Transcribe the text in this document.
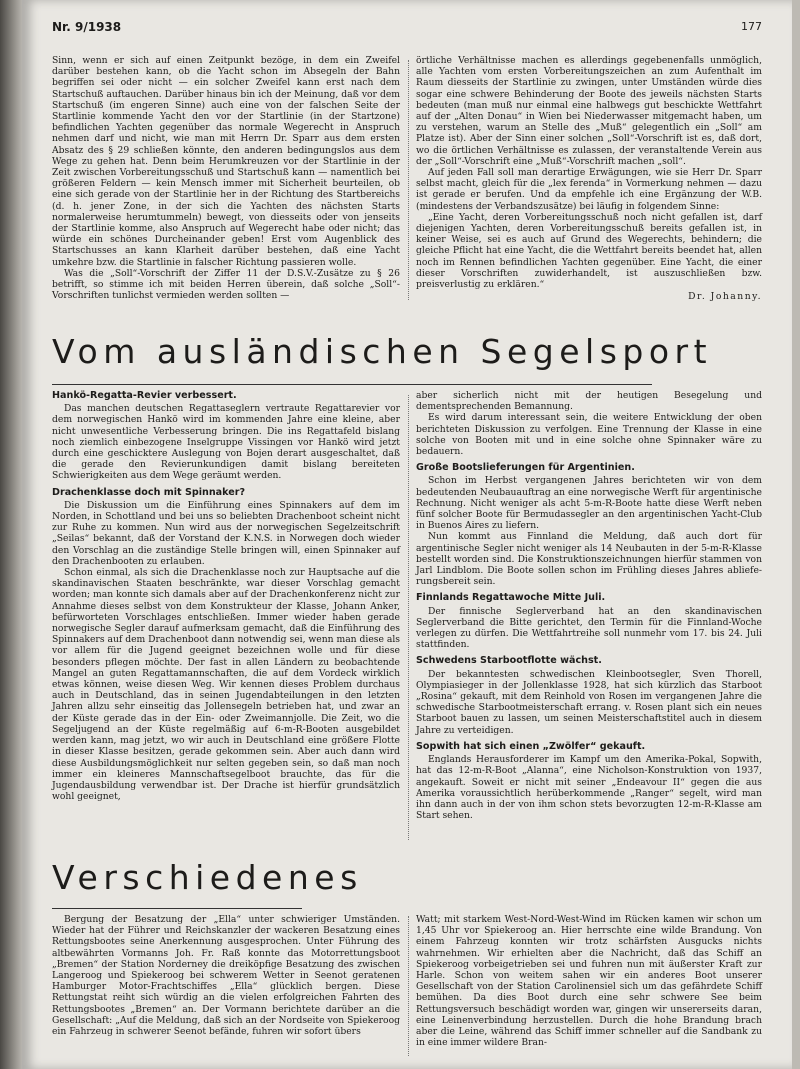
Nr. 9/1938	177

Sinn, wenn er sich auf einen Zeitpunkt bezöge, in dem ein Zweifel darüber bestehen kann, ob die Yacht schon im Absegeln der Bahn begriffen sei oder nicht — ein solcher Zweifel kann erst nach dem Startschuß auftauchen. Darüber hinaus bin ich der Meinung, daß vor dem Startschuß (im engeren Sinne) auch eine von der falschen Seite der Startlinie kommende Yacht den vor der Startlinie (in der Startzone) befindlichen Yachten gegenüber das normale Wegerecht in Anspruch nehmen darf und nicht, wie man mit Herrn Dr. Sparr aus dem ersten Absatz des § 29 schließen könnte, den anderen bedingungslos aus dem Wege zu gehen hat. Denn beim Herumkreuzen vor der Startlinie in der Zeit zwischen Vorbereitungsschuß und Startschuß kann — namentlich bei größeren Feldern — kein Mensch immer mit Sicherheit beurteilen, ob eine sich gerade von der Startlinie her in der Richtung des Startbereichs (d. h. jener Zone, in der sich die Yachten des nächsten Starts normalerweise herumtummeln) bewegt, von diesseits oder von jenseits der Startlinie komme, also Anspruch auf Wegerecht habe oder nicht; das würde ein schönes Durcheinander geben! Erst vom Augenblick des Startschusses an kann Klarheit darüber bestehen, daß eine Yacht umkehre bzw. die Startlinie in falscher Richtung passieren wolle.

Was die „Soll“-Vorschrift der Ziffer 11 der D.S.V.-Zusätze zu § 26 betrifft, so stimme ich mit beiden Herren überein, daß solche „Soll“-Vorschriften tunlichst vermieden werden sollten —

örtliche Verhältnisse machen es allerdings gegebenenfalls unmöglich, alle Yachten vom ersten Vorbereitungszeichen an zum Aufenthalt im Raum diesseits der Startlinie zu zwingen, unter Umständen würde dies sogar eine schwere Behinderung der Boote des jeweils nächsten Starts bedeuten (man muß nur einmal eine halbwegs gut beschickte Wettfahrt auf der „Alten Donau“ in Wien bei Niederwasser mitgemacht haben, um zu verstehen, warum an Stelle des „Muß“ gelegentlich ein „Soll“ am Platze ist). Aber der Sinn einer solchen „Soll“-Vorschrift ist es, daß dort, wo die örtlichen Verhältnisse es zulassen, der veranstaltende Verein aus der „Soll“-Vorschrift eine „Muß“-Vorschrift machen „soll“.

Auf jeden Fall soll man derartige Erwägungen, wie sie Herr Dr. Sparr selbst macht, gleich für die „lex ferenda“ in Vormerkung nehmen — dazu ist gerade er berufen. Und da empfehle ich eine Ergänzung der W.B. (mindestens der Verbandszusätze) bei läufig in folgendem Sinne:

„Eine Yacht, deren Vorbereitungsschuß noch nicht gefallen ist, darf diejenigen Yachten, deren Vorbereitungsschuß bereits gefallen ist, in keiner Weise, sei es auch auf Grund des Wegerechts, behindern; die gleiche Pflicht hat eine Yacht, die die Wettfahrt bereits beendet hat, allen noch im Rennen befindlichen Yachten gegenüber. Eine Yacht, die einer dieser Vorschriften zuwiderhandelt, ist auszuschließen bzw. preisverlustig zu erklären.“

Dr. Johanny.
Vom ausländischen Segelsport
Hankö-Regatta-Revier verbessert.

Das manchen deutschen Regattaseglern vertraute Regattarevier vor dem norwegischen Hankö wird im kommenden Jahre eine kleine, aber nicht unwesentliche Verbesserung bringen. Die ins Regattafeld bislang noch ziemlich einbezogene Inselgruppe Vissingen vor Hankö wird jetzt durch eine geschicktere Auslegung von Bojen derart ausgeschaltet, daß die gerade den Revierunkundigen damit bislang bereiteten Schwierigkeiten aus dem Wege geräumt werden.

Drachenklasse doch mit Spinnaker?

Die Diskussion um die Einführung eines Spinnakers auf dem im Norden, in Schottland und bei uns so beliebten Drachenboot scheint nicht zur Ruhe zu kommen. Nun wird aus der norwegischen Segelzeitschrift „Seilas“ bekannt, daß der Vorstand der K.N.S. in Norwegen doch wieder den Vorschlag an die zuständige Stelle bringen will, einen Spinnaker auf den Drachenbooten zu erlauben.

Schon einmal, als sich die Drachenklasse noch zur Hauptsache auf die skandinavischen Staaten beschränkte, war dieser Vorschlag gemacht worden; man konnte sich damals aber auf der Drachenkonferenz nicht zur Annahme dieses selbst von dem Konstrukteur der Klasse, Johann Anker, befürworteten Vorschlages entschließen. Immer wieder haben gerade norwegische Segler darauf aufmerksam gemacht, daß die Einführung des Spinnakers auf dem Drachenboot dann notwendig sei, wenn man diese als vor allem für die Jugend geeignet bezeichnen wolle und für diese besonders pflegen möchte. Der fast in allen Ländern zu beobachtende Mangel an guten Regattamannschaften, die auf dem Vordeck wirklich etwas können, weise diesen Weg. Wir kennen dieses Problem durchaus auch in Deutschland, das in seinen Jugendabteilungen in den letzten Jahren allzu sehr einseitig das Jollensegeln betrieben hat, und zwar an der Küste gerade das in der Ein- oder Zweimannjolle. Die Zeit, wo die Segeljugend an der Küste regelmäßig auf 6-m-R-Booten ausgebildet werden kann, mag jetzt, wo wir auch in Deutschland eine größere Flotte in dieser Klasse besitzen, gerade gekommen sein. Aber auch dann wird diese Ausbildungsmöglichkeit nur selten gegeben sein, so daß man noch immer ein kleineres Mannschaftsegelboot brauchte, das für die Jugendausbildung verwendbar ist. Der Drache ist hierfür grundsätzlich wohl geeignet,

aber sicherlich nicht mit der heutigen Besegelung und dementsprechenden Bemannung.

Es wird darum interessant sein, die weitere Entwicklung der oben berichteten Diskussion zu verfolgen. Eine Trennung der Klasse in eine solche von Booten mit und in eine solche ohne Spinnaker wäre zu bedauern.

Große Bootslieferungen für Argentinien.

Schon im Herbst vergangenen Jahres berichteten wir von dem bedeutenden Neubauauftrag an eine norwegische Werft für argentinische Rechnung. Nicht weniger als acht 5-m-R-Boote hatte diese Werft neben fünf solcher Boote für Bermudassegler an den argentinischen Yacht-Club in Buenos Aires zu liefern.

Nun kommt aus Finnland die Meldung, daß auch dort für argentinische Segler nicht weniger als 14 Neubauten in der 5-m-R-Klasse bestellt worden sind. Die Konstruktionszeichnungen hierfür stammen von Jarl Lindblom. Die Boote sollen schon im Frühling dieses Jahres ablieferungsbereit sein.

Finnlands Regattawoche Mitte Juli.

Der finnische Seglerverband hat an den skandinavischen Seglerverband die Bitte gerichtet, den Termin für die Finnland-Woche verlegen zu dürfen. Die Wettfahrtreihe soll nunmehr vom 17. bis 24. Juli stattfinden.

Schwedens Starbootflotte wächst.

Der bekanntesten schwedischen Kleinbootsegler, Sven Thorell, Olympiasieger in der Jollenklasse 1928, hat sich kürzlich das Starboot „Rosina“ gekauft, mit dem Reinhold von Rosen im vergangenen Jahre die schwedische Starbootmeisterschaft errang. v. Rosen plant sich ein neues Starboot bauen zu lassen, um seinen Meisterschaftstitel auch in diesem Jahre zu verteidigen.

Sopwith hat sich einen „Zwölfer“ gekauft.

Englands Herausforderer im Kampf um den Amerika-Pokal, Sopwith, hat das 12-m-R-Boot „Alanna“, eine Nicholson-Konstruktion von 1937, angekauft. Soweit er nicht mit seiner „Endeavour II“ gegen die aus Amerika voraussichtlich herüberkommende „Ranger“ segelt, wird man ihn dann auch in der von ihm schon stets bevorzugten 12-m-R-Klasse am Start sehen.

Verschiedenes

Bergung der Besatzung der „Ella“ unter schwieriger Umständen. Wieder hat der Führer und Reichskanzler der wackeren Besatzung eines Rettungsbootes seine Anerkennung ausgesprochen. Unter Führung des altbewährten Vormanns Joh. Fr. Raß konnte das Motorrettungsboot „Bremen“ der Station Norderney die dreiköpfige Besatzung des zwischen Langeroog und Spiekeroog bei schwerem Wetter in Seenot geratenen Hamburger Motor-Frachtschiffes „Ella“ glücklich bergen. Diese Rettungstat reiht sich würdig an die vielen erfolgreichen Fahrten des Rettungsbootes „Bremen“ an. Der Vormann berichtete darüber an die Gesellschaft: „Auf die Meldung, daß sich an der Nordseite von Spiekeroog ein Fahrzeug in schwerer Seenot befände, fuhren wir sofort übers

Watt; mit starkem West-Nord-West-Wind im Rücken kamen wir schon um 1,45 Uhr vor Spiekeroog an. Hier herrschte eine wilde Brandung. Von einem Fahrzeug konnten wir trotz schärfsten Ausgucks nichts wahrnehmen. Wir erhielten aber die Nachricht, daß das Schiff an Spiekeroog vorbeigetrieben sei und fuhren nun mit äußerster Kraft zur Harle. Schon von weitem sahen wir ein anderes Boot unserer Gesellschaft von der Station Carolinensiel sich um das gefährdete Schiff bemühen. Da dies Boot durch eine sehr schwere See beim Rettungsversuch beschädigt worden war, gingen wir unsererseits daran, eine Leinenverbindung herzustellen. Durch die hohe Brandung brach aber die Leine, während das Schiff immer schneller auf die Sandbank zu in eine immer wildere Bran-
